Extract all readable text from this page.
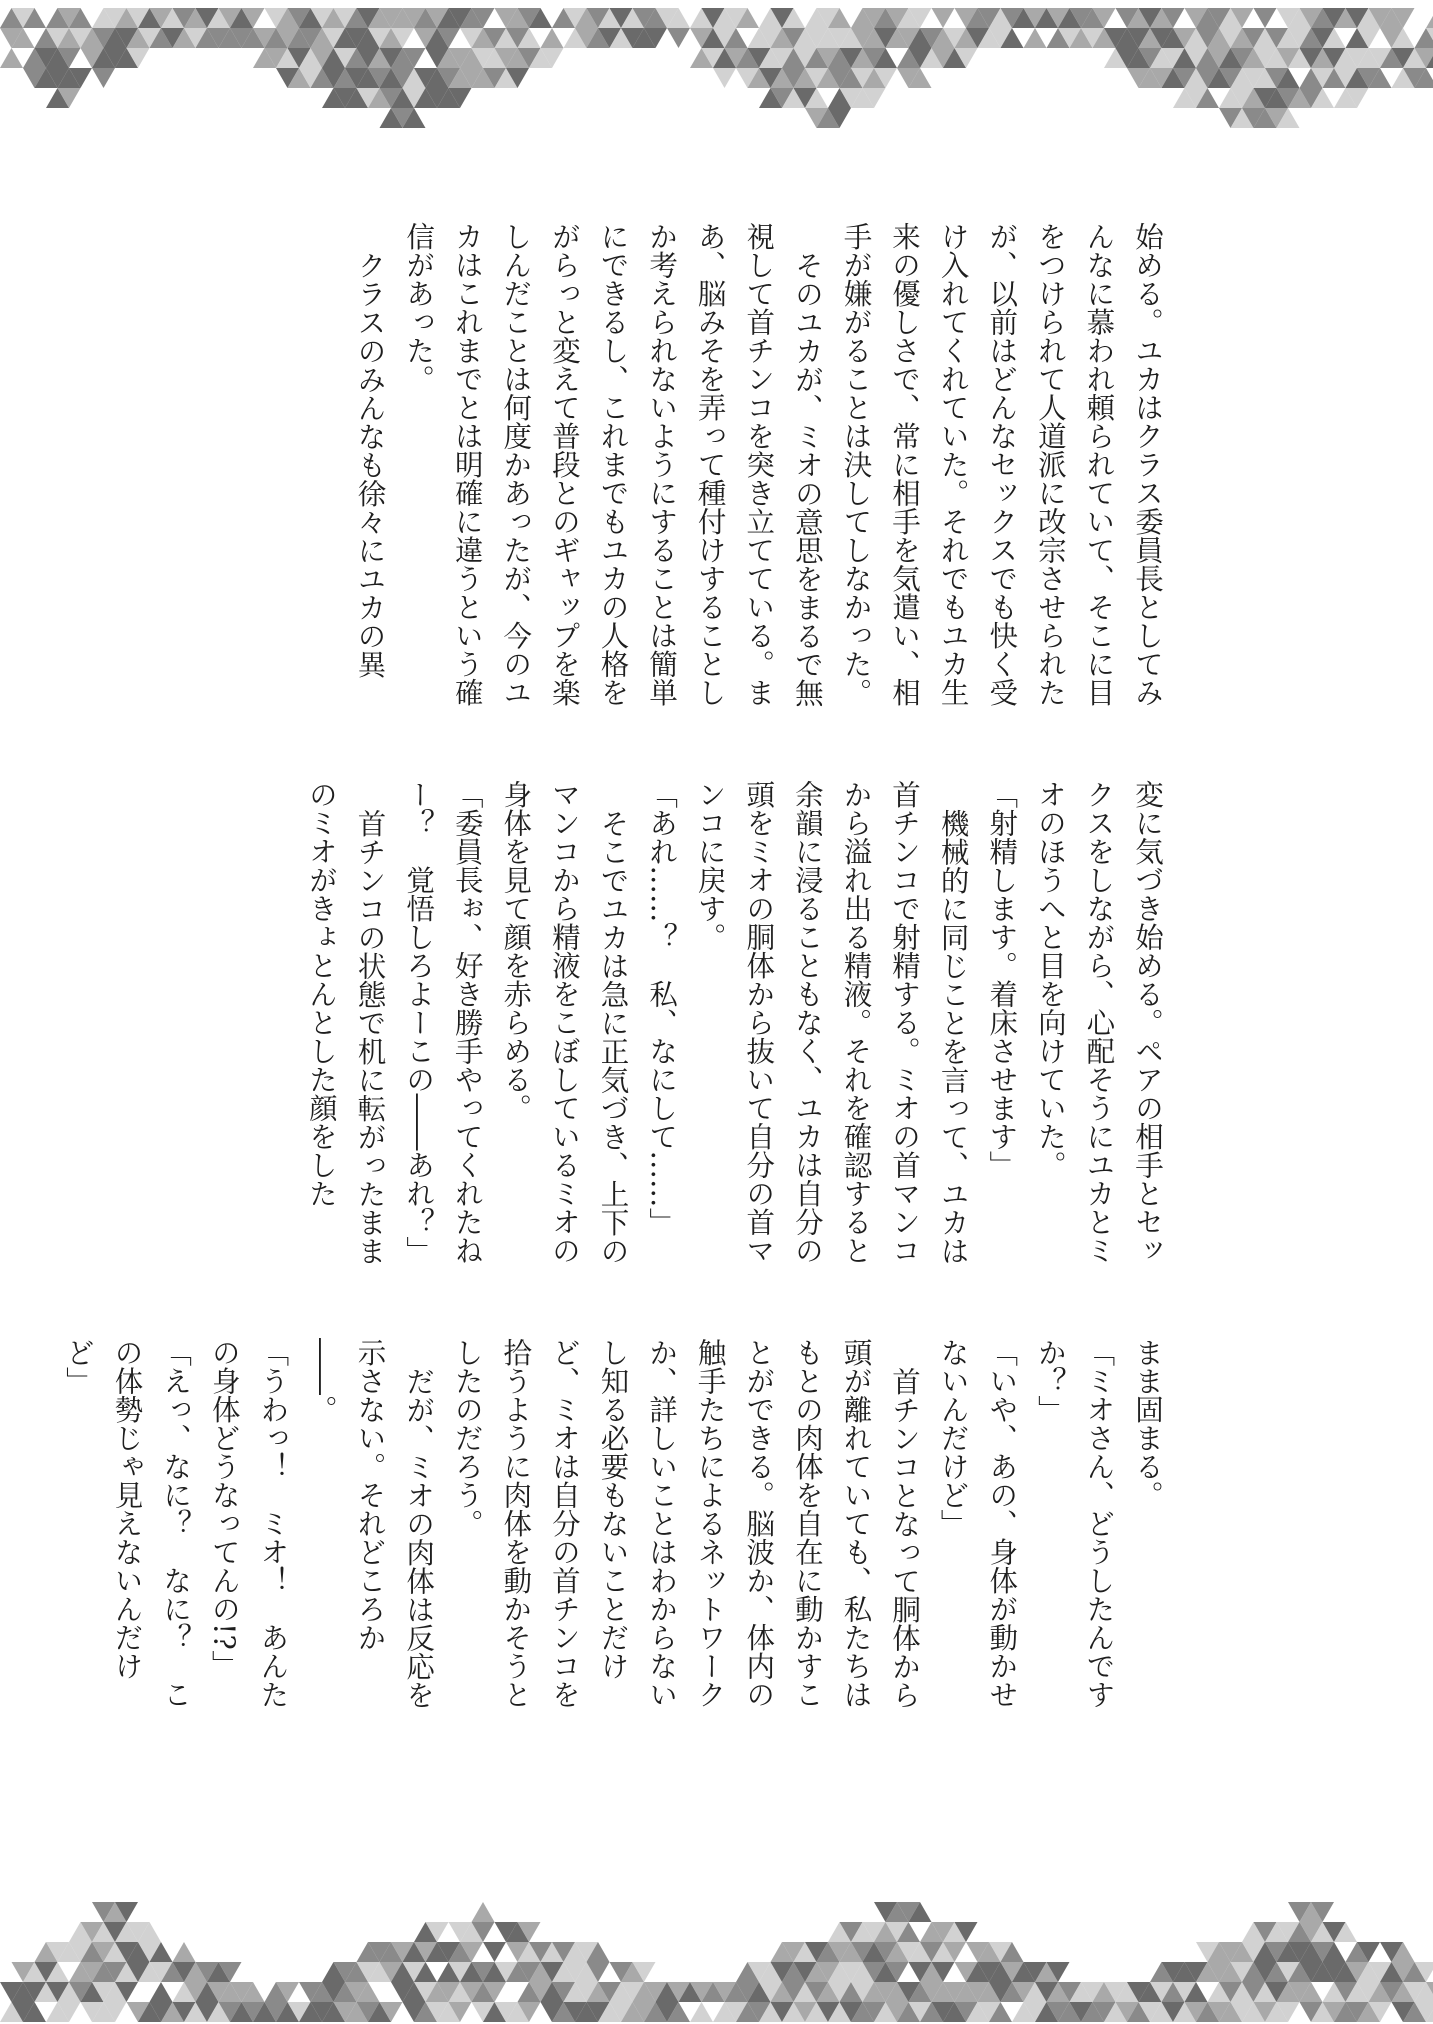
始める。ユカはクラス委員長としてみんなに慕われ頼られていて、そこに目をつけられて人道派に改宗させられたが、以前はどんなセックスでも快く受け入れてくれていた。それでもユカ生来の優しさで、常に相手を気遣い、相手が嫌がることは決してしなかった。

そのユカが、ミオの意思をまるで無視して首チンコを突き立てている。まあ、脳みそを弄って種付けすることしか考えられないようにすることは簡単にできるし、これまでもユカの人格をがらっと変えて普段とのギャップを楽しんだことは何度かあったが、今のユカはこれまでとは明確に違うという確信があった。

クラスのみんなも徐々にユカの異

変に気づき始める。ペアの相手とセックスをしながら、心配そうにユカとミオのほうへと目を向けていた。

「射精します。着床させます」

機械的に同じことを言って、ユカは首チンコで射精する。ミオの首マンコから溢れ出る精液。それを確認すると余韻に浸ることもなく、ユカは自分の頭をミオの胴体から抜いて自分の首マンコに戻す。

「あれ……？　私、なにして……」

そこでユカは急に正気づき、上下のマンコから精液をこぼしているミオの身体を見て顔を赤らめる。

「委員長ぉ、好き勝手やってくれたねー？　覚悟しろよーこの――あれ？」

首チンコの状態で机に転がったままのミオがきょとんとした顔をした

まま固まる。

「ミオさん、どうしたんですか？」

「いや、あの、身体が動かせないんだけど」

首チンコとなって胴体から頭が離れていても、私たちはもとの肉体を自在に動かすことができる。脳波か、体内の触手たちによるネットワークか、詳しいことはわからないし知る必要もないことだけど、ミオは自分の首チンコを拾うように肉体を動かそうとしたのだろう。

だが、ミオの肉体は反応を示さない。それどころか――。

「うわっ！　ミオ！　あんたの身体どうなってんの!?」

「えっ、なに？　なに？　この体勢じゃ見えないんだけど」
